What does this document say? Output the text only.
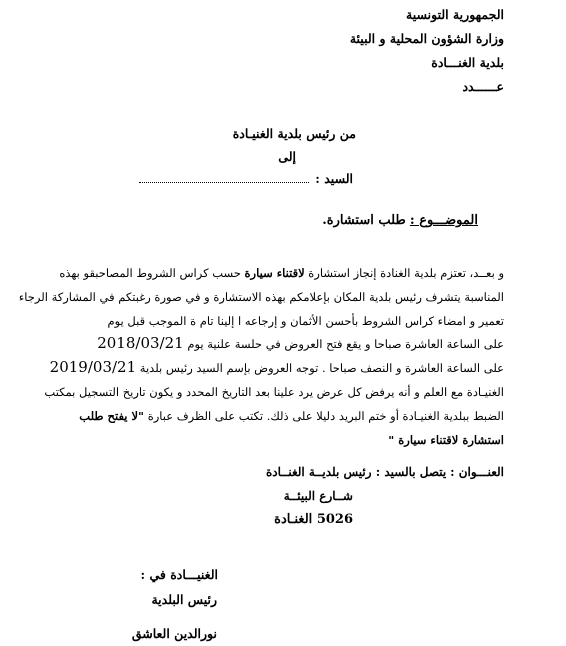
الجمهورية التونسية
وزارة الشؤون المحلية و البيئة
بلدية الغنـــادة
عــــــدد
من رئيس بلدية الغنيـادة
إلى
السيد :
الموضـــوع : طلب استشارة.
و بعــد، تعتزم بلدية الغنادة إنجاز استشارة لاقتناء سيارة حسب كراس الشروط المصاحبقو بهذه
المناسبة يتشرف رئيس بلدية المكان بإعلامكم بهذه الاستشارة و في صورة رغبتكم في المشاركة الرجاء
تعمير و امضاء كراس الشروط بأحسن الأثمان و إرجاعه ا إلينا تام ة الموجب قبل يوم
على الساعة العاشرة صباحا و يقع فتح العروض في حلسة علنية يوم 2018/03/21
على الساعة العاشرة و النصف صباحا . توجه العروض بإسم السيد رئيس بلدية 2019/03/21
الغنيـادة مع العلم و أنه يرفض كل عرض يرد علينا بعد التاريخ المحدد و يكون تاريخ التسجيل بمكتب
الضبط ببلدية الغنيـادة أو ختم البريد دليلا على ذلك. تكتب على الظرف عبارة "لا يفتح طلب
استشارة لاقتناء سيارة "
العنـــوان : يتصل بالسيد : رئيس بلديــة الغنــادة
شــارع البيئــة
5026 الغنـادة
الغنيـــادة في :
رئيس البلدية
نورالدين العاشق
